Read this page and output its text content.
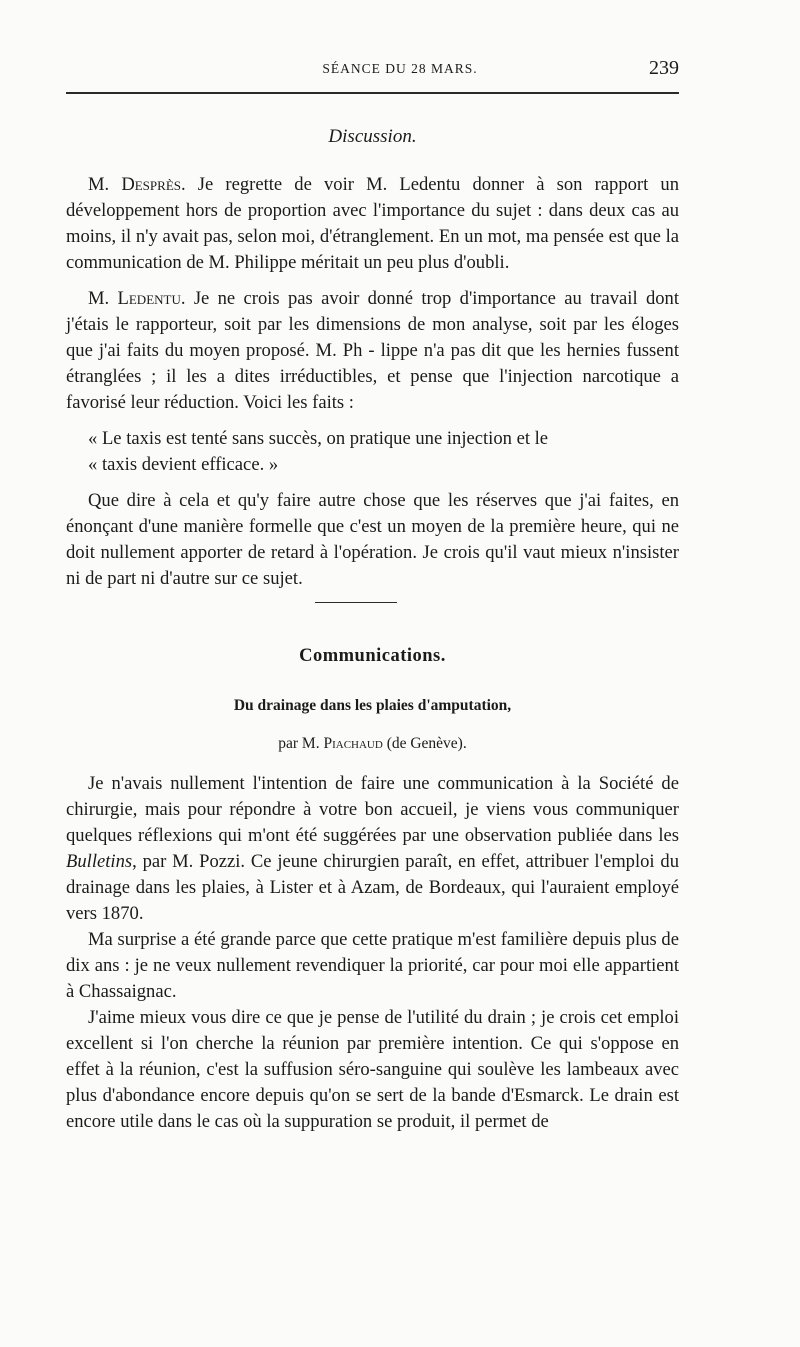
SÉANCE DU 28 MARS.	239
Discussion.

M. Desprès. Je regrette de voir M. Ledentu donner à son rapport un développement hors de proportion avec l'importance du sujet : dans deux cas au moins, il n'y avait pas, selon moi, d'étranglement. En un mot, ma pensée est que la communication de M. Philippe méritait un peu plus d'oubli.

M. Ledentu. Je ne crois pas avoir donné trop d'importance au travail dont j'étais le rapporteur, soit par les dimensions de mon analyse, soit par les éloges que j'ai faits du moyen proposé. M. Ph - lippe n'a pas dit que les hernies fussent étranglées ; il les a dites irréductibles, et pense que l'injection narcotique a favorisé leur réduction. Voici les faits :

« Le taxis est tenté sans succès, on pratique une injection et le

« taxis devient efficace. »

Que dire à cela et qu'y faire autre chose que les réserves que j'ai faites, en énonçant d'une manière formelle que c'est un moyen de la première heure, qui ne doit nullement apporter de retard à l'opération. Je crois qu'il vaut mieux n'insister ni de part ni d'autre sur ce sujet.

Communications.
Du drainage dans les plaies d'amputation,
par M. Piachaud (de Genève).

Je n'avais nullement l'intention de faire une communication à la Société de chirurgie, mais pour répondre à votre bon accueil, je viens vous communiquer quelques réflexions qui m'ont été suggérées par une observation publiée dans les Bulletins, par M. Pozzi. Ce jeune chirurgien paraît, en effet, attribuer l'emploi du drainage dans les plaies, à Lister et à Azam, de Bordeaux, qui l'auraient employé vers 1870.

Ma surprise a été grande parce que cette pratique m'est familière depuis plus de dix ans : je ne veux nullement revendiquer la priorité, car pour moi elle appartient à Chassaignac.

J'aime mieux vous dire ce que je pense de l'utilité du drain ; je crois cet emploi excellent si l'on cherche la réunion par première intention. Ce qui s'oppose en effet à la réunion, c'est la suffusion séro-sanguine qui soulève les lambeaux avec plus d'abondance encore depuis qu'on se sert de la bande d'Esmarck. Le drain est encore utile dans le cas où la suppuration se produit, il permet de
